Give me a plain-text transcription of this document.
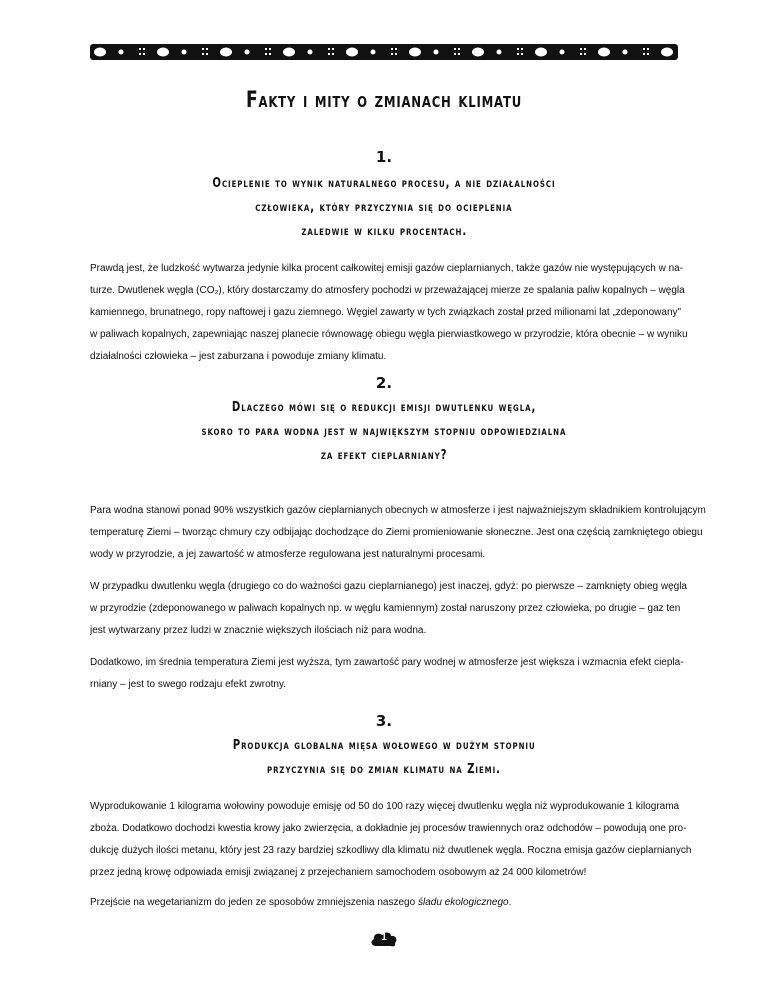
Fakty i mity o zmianach klimatu
1.
Ocieplenie to wynik naturalnego procesu, a nie działalności
człowieka, który przyczynia się do ocieplenia
zaledwie w kilku procentach.
Prawdą jest, że ludzkość wytwarza jedynie kilka procent całkowitej emisji gazów cieplarnianych, także gazów nie występujących w na-
turze. Dwutlenek węgla (CO₂), który dostarczamy do atmosfery pochodzi w przeważającej mierze ze spalania paliw kopalnych – węgla
kamiennego, brunatnego, ropy naftowej i gazu ziemnego. Węgiel zawarty w tych związkach został przed milionami lat „zdeponowany"
w paliwach kopalnych, zapewniając naszej planecie równowagę obiegu węgla pierwiastkowego w przyrodzie, która obecnie – w wyniku
działalności człowieka – jest zaburzana i powoduje zmiany klimatu.
2.
Dlaczego mówi się o redukcji emisji dwutlenku węgla,
skoro to para wodna jest w największym stopniu odpowiedzialna
za efekt cieplarniany?
Para wodna stanowi ponad 90% wszystkich gazów cieplarnianych obecnych w atmosferze i jest najważniejszym składnikiem kontrolującym
temperaturę Ziemi – tworząc chmury czy odbijając dochodzące do Ziemi promieniowanie słoneczne. Jest ona częścią zamkniętego obiegu
wody w przyrodzie, a jej zawartość w atmosferze regulowana jest naturalnymi procesami.
W przypadku dwutlenku węgla (drugiego co do ważności gazu cieplarnianego) jest inaczej, gdyż: po pierwsze – zamknięty obieg węgla
w przyrodzie (zdeponowanego w paliwach kopalnych np. w węglu kamiennym) został naruszony przez człowieka, po drugie – gaz ten
jest wytwarzany przez ludzi w znacznie większych ilościach niż para wodna.
Dodatkowo, im średnia temperatura Ziemi jest wyższa, tym zawartość pary wodnej w atmosferze jest większa i wzmacnia efekt ciepla-
rniany – jest to swego rodzaju efekt zwrotny.
3.
Produkcja globalna mięsa wołowego w dużym stopniu
przyczynia się do zmian klimatu na Ziemi.
Wyprodukowanie 1 kilograma wołowiny powoduje emisję od 50 do 100 razy więcej dwutlenku węgla niż wyprodukowanie 1 kilograma
zboża. Dodatkowo dochodzi kwestia krowy jako zwierzęcia, a dokładnie jej procesów trawiennych oraz odchodów – powodują one pro-
dukcję dużych ilości metanu, który jest 23 razy bardziej szkodliwy dla klimatu niż dwutlenek węgla. Roczna emisja gazów cieplarnianych
przez jedną krowę odpowiada emisji związanej z przejechaniem samochodem osobowym aż 24 000 kilometrów!
Przejście na wegetarianizm do jeden ze sposobów zmniejszenia naszego śladu ekologicznego.
1
